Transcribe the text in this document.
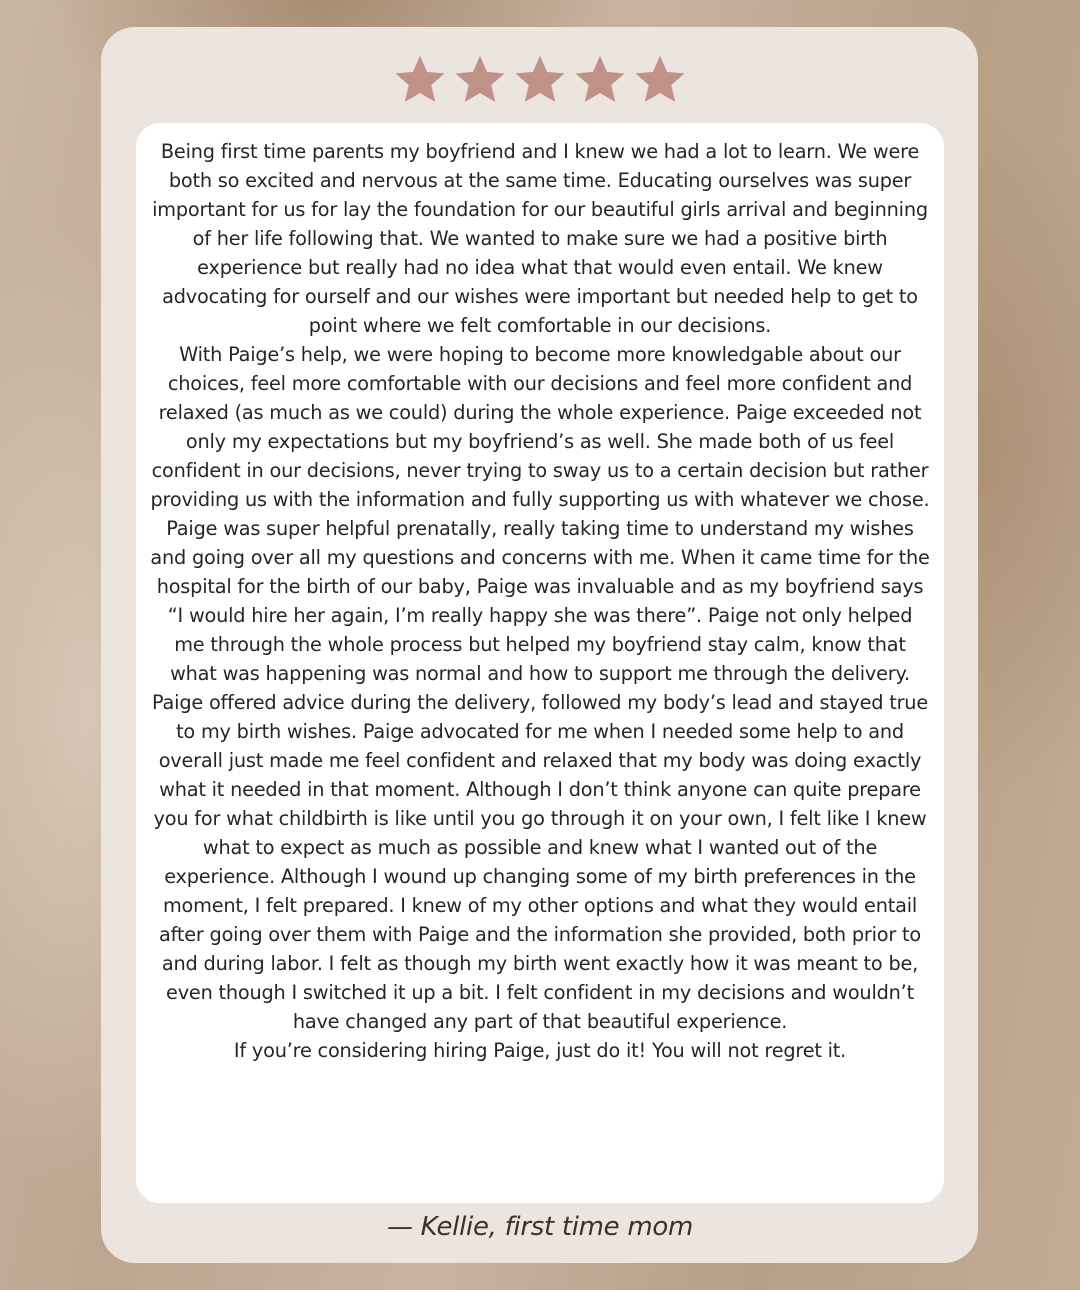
Being first time parents my boyfriend and I knew we had a lot to learn. We were both so excited and nervous at the same time. Educating ourselves was super important for us for lay the foundation for our beautiful girls arrival and beginning of her life following that. We wanted to make sure we had a positive birth experience but really had no idea what that would even entail. We knew advocating for ourself and our wishes were important but needed help to get to point where we felt comfortable in our decisions.

With Paige’s help, we were hoping to become more knowledgable about our choices, feel more comfortable with our decisions and feel more confident and relaxed (as much as we could) during the whole experience. Paige exceeded not only my expectations but my boyfriend’s as well. She made both of us feel confident in our decisions, never trying to sway us to a certain decision but rather providing us with the information and fully supporting us with whatever we chose. Paige was super helpful prenatally, really taking time to understand my wishes and going over all my questions and concerns with me. When it came time for the hospital for the birth of our baby, Paige was invaluable and as my boyfriend says “I would hire her again, I’m really happy she was there”. Paige not only helped me through the whole process but helped my boyfriend stay calm, know that what was happening was normal and how to support me through the delivery. Paige offered advice during the delivery, followed my body’s lead and stayed true to my birth wishes. Paige advocated for me when I needed some help to and overall just made me feel confident and relaxed that my body was doing exactly what it needed in that moment. Although I don’t think anyone can quite prepare you for what childbirth is like until you go through it on your own, I felt like I knew what to expect as much as possible and knew what I wanted out of the experience. Although I wound up changing some of my birth preferences in the moment, I felt prepared. I knew of my other options and what they would entail after going over them with Paige and the information she provided, both prior to and during labor. I felt as though my birth went exactly how it was meant to be, even though I switched it up a bit. I felt confident in my decisions and wouldn’t have changed any part of that beautiful experience.

If you’re considering hiring Paige, just do it! You will not regret it.

— Kellie, first time mom
